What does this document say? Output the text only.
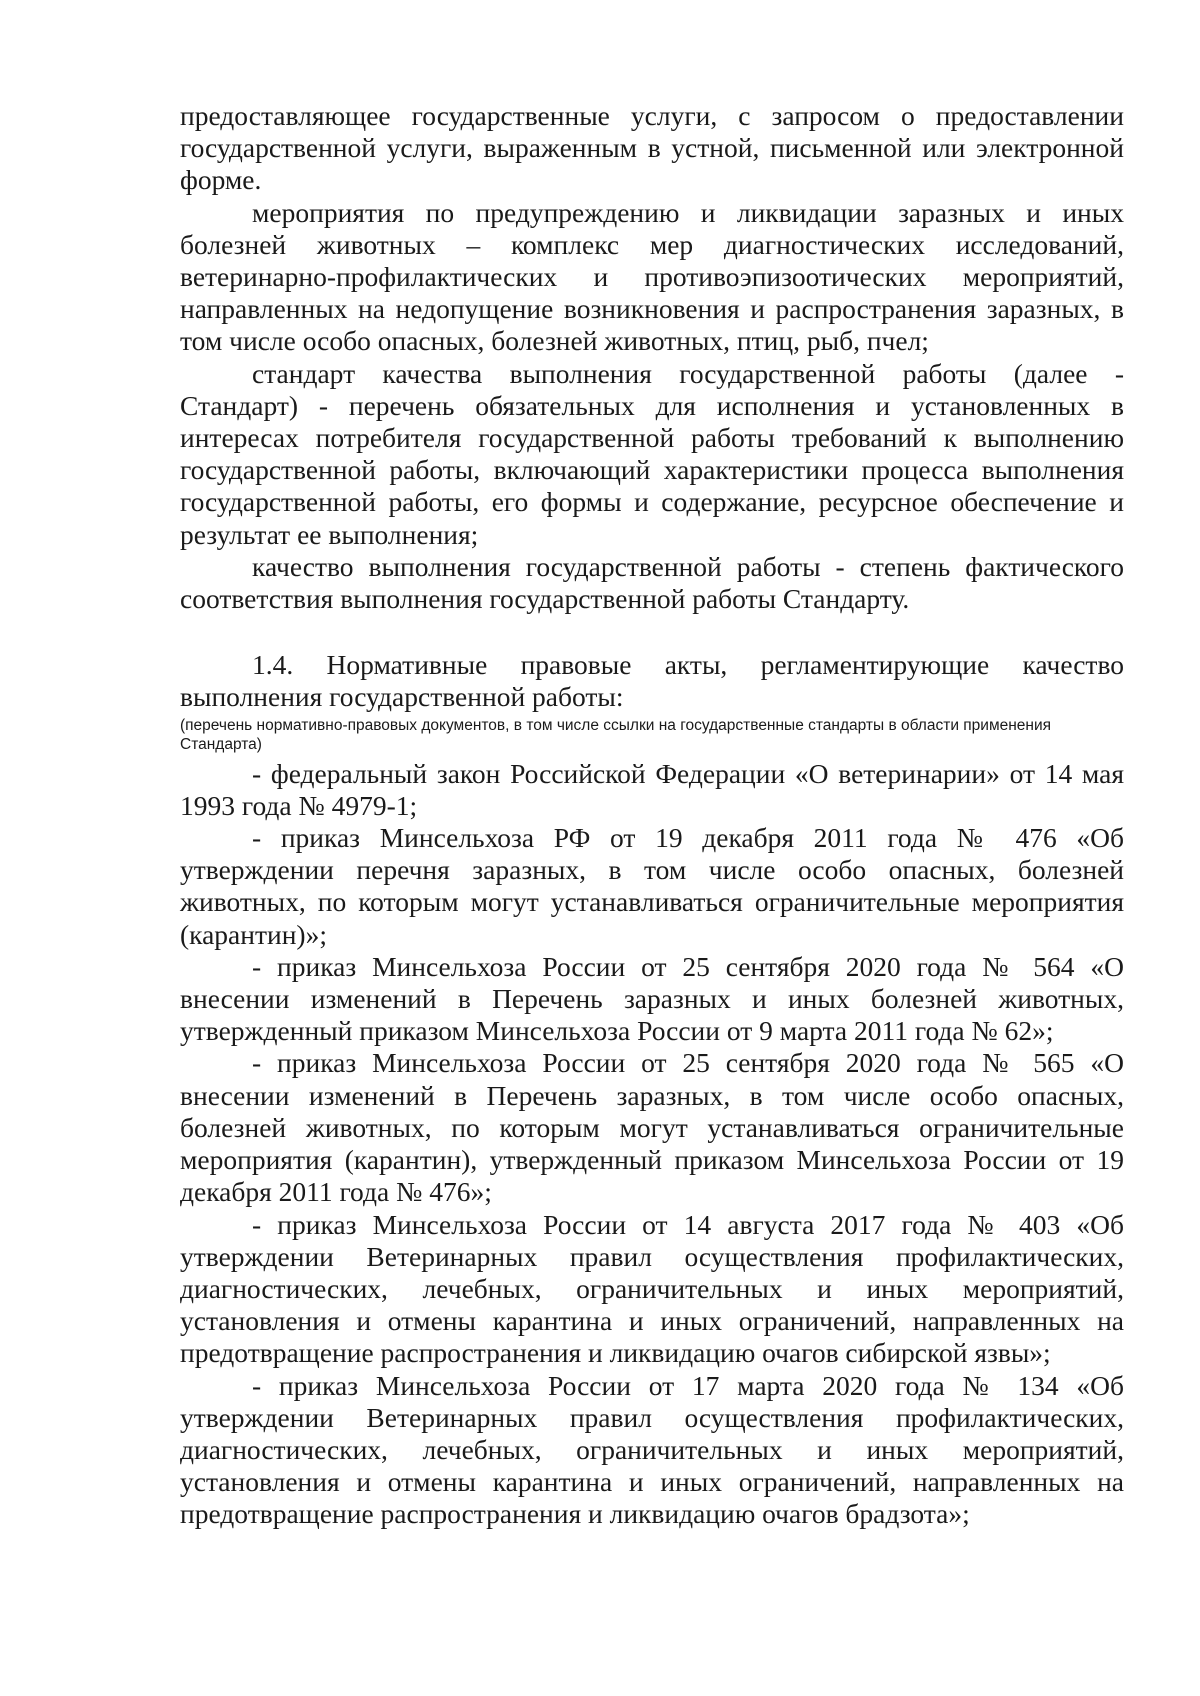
предоставляющее государственные услуги, с запросом о предоставлении государственной услуги, выраженным в устной, письменной или электронной форме.

мероприятия по предупреждению и ликвидации заразных и иных болезней животных – комплекс мер диагностических исследований, ветеринарно-профилактических и противоэпизоотических мероприятий, направленных на недопущение возникновения и распространения заразных, в том числе особо опасных, болезней животных, птиц, рыб, пчел;

стандарт качества выполнения государственной работы (далее - Стандарт) - перечень обязательных для исполнения и установленных в интересах потребителя государственной работы требований к выполнению государственной работы, включающий характеристики процесса выполнения государственной работы, его формы и содержание, ресурсное обеспечение и результат ее выполнения;

качество выполнения государственной работы - степень фактического соответствия выполнения государственной работы Стандарту.

1.4. Нормативные правовые акты, регламентирующие качество выполнения государственной работы:

(перечень нормативно-правовых документов, в том числе ссылки на государственные стандарты в области применения Стандарта)

- федеральный закон Российской Федерации «О ветеринарии» от 14 мая 1993 года № 4979-1;

- приказ Минсельхоза РФ от 19 декабря 2011 года № 476 «Об утверждении перечня заразных, в том числе особо опасных, болезней животных, по которым могут устанавливаться ограничительные мероприятия (карантин)»;

- приказ Минсельхоза России от 25 сентября 2020 года № 564 «О внесении изменений в Перечень заразных и иных болезней животных, утвержденный приказом Минсельхоза России от 9 марта 2011 года № 62»;

- приказ Минсельхоза России от 25 сентября 2020 года № 565 «О внесении изменений в Перечень заразных, в том числе особо опасных, болезней животных, по которым могут устанавливаться ограничительные мероприятия (карантин), утвержденный приказом Минсельхоза России от 19 декабря 2011 года № 476»;

- приказ Минсельхоза России от 14 августа 2017 года № 403 «Об утверждении Ветеринарных правил осуществления профилактических, диагностических, лечебных, ограничительных и иных мероприятий, установления и отмены карантина и иных ограничений, направленных на предотвращение распространения и ликвидацию очагов сибирской язвы»;

- приказ Минсельхоза России от 17 марта 2020 года № 134 «Об утверждении Ветеринарных правил осуществления профилактических, диагностических, лечебных, ограничительных и иных мероприятий, установления и отмены карантина и иных ограничений, направленных на предотвращение распространения и ликвидацию очагов брадзота»;
